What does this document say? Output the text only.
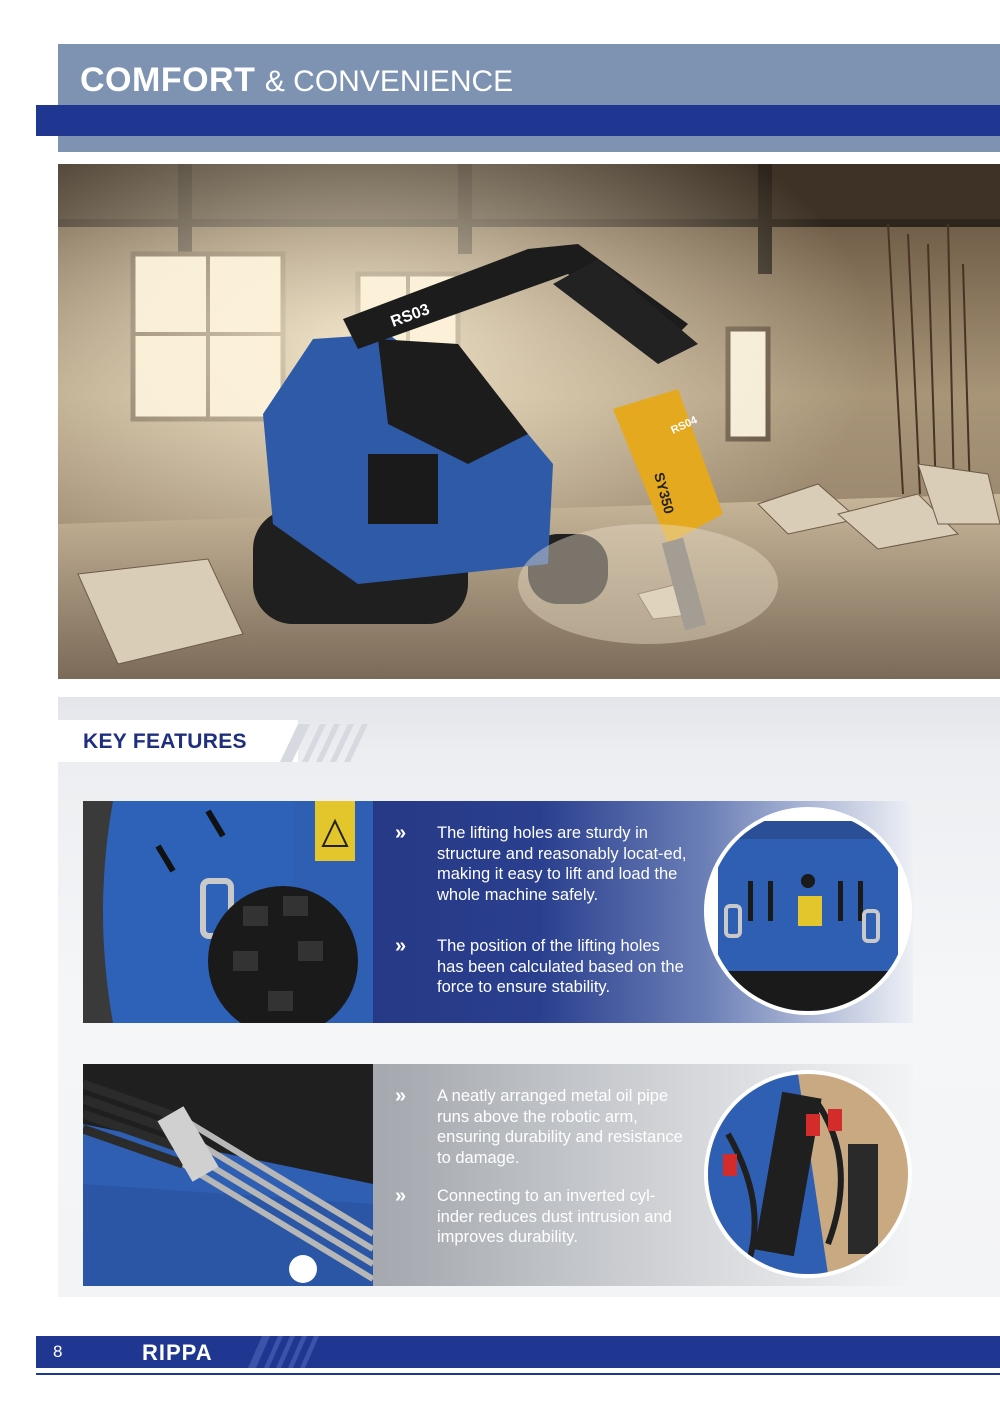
COMFORT & CONVENIENCE
RS03
SY350
RS04
KEY FEATURES
» The lifting holes are sturdy in structure and reasonably locat-ed, making it easy to lift and load the whole machine safely.
» The position of the lifting holes has been calculated based on the force to ensure stability.
» A neatly arranged metal oil pipe runs above the robotic arm, ensuring durability and resistance to damage.
» Connecting to an inverted cyl-inder reduces dust intrusion and improves durability.
8	RIPPA
